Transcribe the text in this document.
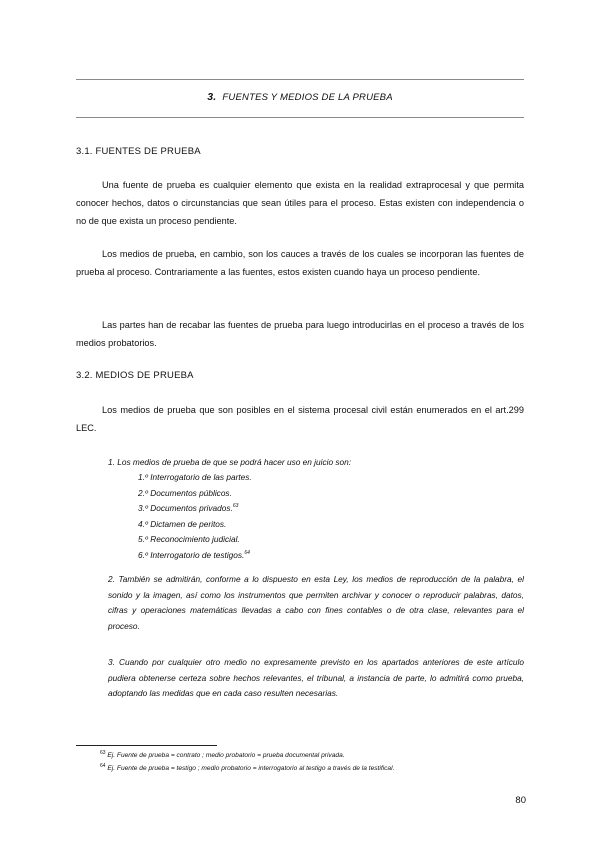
3. FUENTES Y MEDIOS DE LA PRUEBA
3.1. FUENTES DE PRUEBA

Una fuente de prueba es cualquier elemento que exista en la realidad extraprocesal y que permita conocer hechos, datos o circunstancias que sean útiles para el proceso. Estas existen con independencia o no de que exista un proceso pendiente.

Los medios de prueba, en cambio, son los cauces a través de los cuales se incorporan las fuentes de prueba al proceso. Contrariamente a las fuentes, estos existen cuando haya un proceso pendiente.

Las partes han de recabar las fuentes de prueba para luego introducirlas en el proceso a través de los medios probatorios.

3.2. MEDIOS DE PRUEBA

Los medios de prueba que son posibles en el sistema procesal civil están enumerados en el art.299 LEC.

1. Los medios de prueba de que se podrá hacer uso en juicio son:

1.º Interrogatorio de las partes.
2.º Documentos públicos.
3.º Documentos privados.$^{63}$
4.º Dictamen de peritos.
5.º Reconocimiento judicial.
6.º Interrogatorio de testigos.$^{64}$

2. También se admitirán, conforme a lo dispuesto en esta Ley, los medios de reproducción de la palabra, el sonido y la imagen, así como los instrumentos que permiten archivar y conocer o reproducir palabras, datos, cifras y operaciones matemáticas llevadas a cabo con fines contables o de otra clase, relevantes para el proceso.

3. Cuando por cualquier otro medio no expresamente previsto en los apartados anteriores de este artículo pudiera obtenerse certeza sobre hechos relevantes, el tribunal, a instancia de parte, lo admitirá como prueba, adoptando las medidas que en cada caso resulten necesarias.

$^{63}$ Ej. Fuente de prueba = contrato ; medio probatorio = prueba documental privada.
$^{64}$ Ej. Fuente de prueba = testigo ; medio probatorio = interrogatorio al testigo a través de la testifical.
80
